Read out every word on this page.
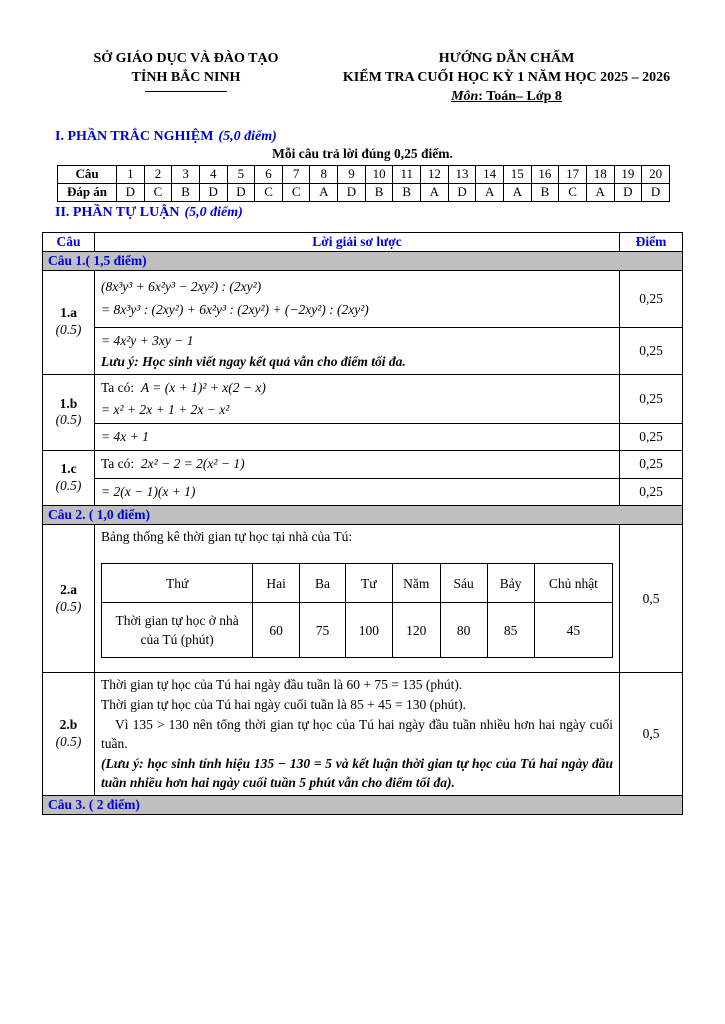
SỞ GIÁO DỤC VÀ ĐÀO TẠO
TỈNH BẮC NINH
HƯỚNG DẪN CHẤM
KIỂM TRA CUỐI HỌC KỲ 1 NĂM HỌC 2025 – 2026
Môn: Toán– Lớp 8
I. PHẦN TRẮC NGHIỆM (5,0 điểm)
Mỗi câu trả lời đúng 0,25 điểm.
Câu	1	2	3	4	5	6	7	8	9	10	11	12	13	14	15	16	17	18	19	20
Đáp án	D	C	B	D	D	C	C	A	D	B	B	A	D	A	A	B	C	A	D	D
II. PHẦN TỰ LUẬN (5,0 điểm)
Câu	Lời giải sơ lược	Điểm
Câu 1.( 1,5 điểm)

1.a
(0.5)

(8x³y³ + 6x²y³ − 2xy²) : (2xy²)
= 8x³y³ : (2xy²) + 6x²y³ : (2xy²) + (−2xy²) : (2xy²)
	0,25

= 4x²y + 3xy − 1
Lưu ý: Học sinh viết ngay kết quả vẫn cho điểm tối đa.
	0,25

1.b
(0.5)

Ta có: A = (x + 1)² + x(2 − x)
= x² + 2x + 1 + 2x − x²
	0,25

= 4x + 1	0,25

1.c
(0.5)

Ta có: 2x² − 2 = 2(x² − 1)	0,25

= 2(x − 1)(x + 1)	0,25
Câu 2. ( 1,0 điểm)

2.a
(0.5)

Bảng thống kê thời gian tự học tại nhà của Tú:
Thứ	Hai	Ba	Tư	Năm	Sáu	Bảy	Chủ nhật

Thời gian tự học ở nhà
của Tú (phút)
	60	75	100	120	80	85	45
	0,5

2.b
(0.5)

Thời gian tự học của Tú hai ngày đầu tuần là 60 + 75 = 135 (phút).
Thời gian tự học của Tú hai ngày cuối tuần là 85 + 45 = 130 (phút).
Vì 135 > 130 nên tổng thời gian tự học của Tú hai ngày đầu tuần nhiều hơn hai ngày cuối tuần.
(Lưu ý: học sinh tính hiệu 135 − 130 = 5 và kết luận thời gian tự học của Tú hai ngày đầu tuần nhiều hơn hai ngày cuối tuần 5 phút vẫn cho điểm tối đa).
	0,5
Câu 3. ( 2 điểm)
